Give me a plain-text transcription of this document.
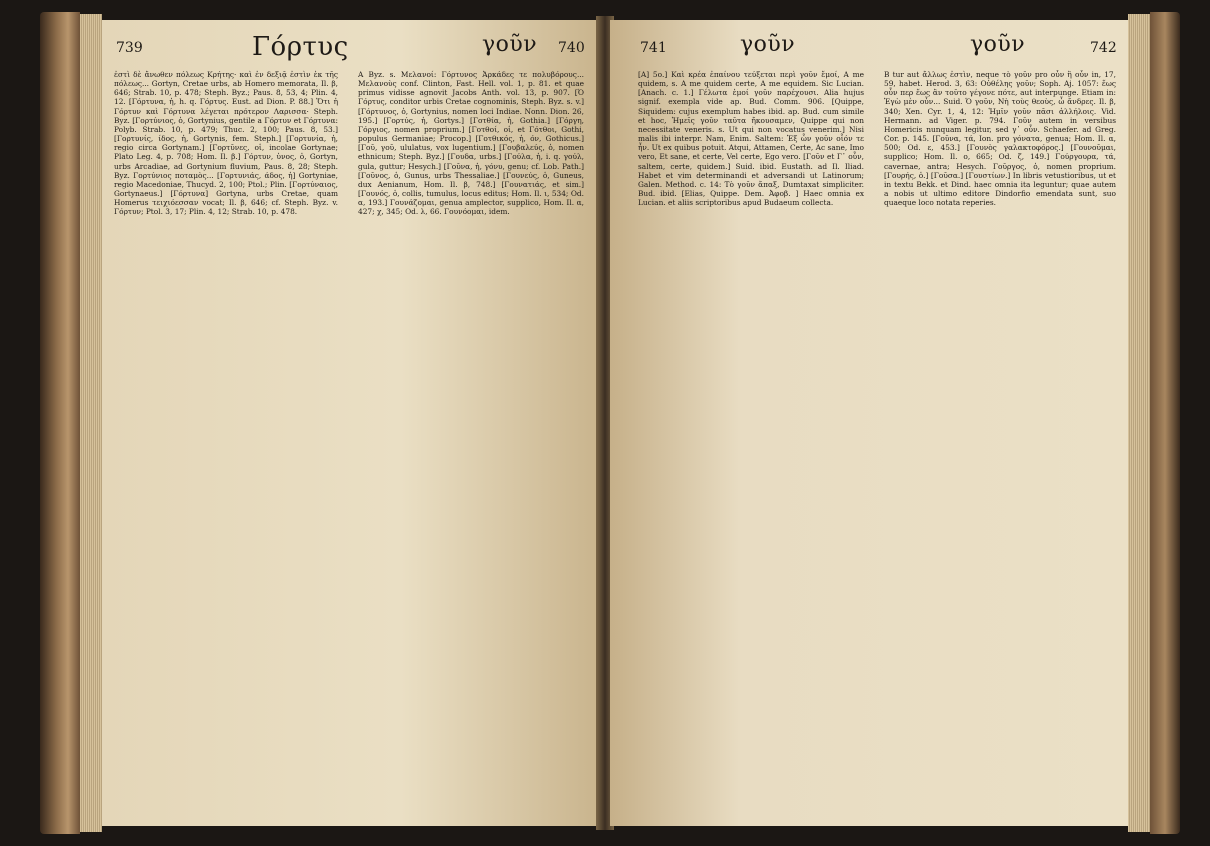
739	Γόρτυς	γοῦν 740

ἐστὶ δὲ ἄνωθεν πόλεως Κρήτης· καὶ ἐν δεξιᾷ ἐστὶν ἐκ τῆς πόλεως... Gortyn, Cretae urbs, ab Homero memorata, Il. β, 646; Strab. 10, p. 478; Steph. Byz.; Paus. 8, 53, 4; Plin. 4, 12. [Γόρτυνα, ἡ, h. q. Γόρτυς. Eust. ad Dion. P. 88.] Ὅτι ἡ Γόρτυν καὶ Γόρτυνα λέγεται πρότερον Λαρισσα· Steph. Byz. [Γορτύνιος, ὁ, Gortynius, gentile a Γόρτυν et Γόρτυνα: Polyb. Strab. 10, p. 479; Thuc. 2, 100; Paus. 8, 53.] [Γορτυνίς, ίδος, ἡ, Gortynis, fem. Steph.] [Γορτυνία, ἡ, regio circa Gortynam.] [Γορτῦνες, οἱ, incolae Gortynae; Plato Leg. 4, p. 708; Hom. Il. β.] Γόρτυν, ὑνος, ὁ, Gortyn, urbs Arcadiae, ad Gortynium fluvium, Paus. 8, 28; Steph. Byz. Γορτύνιος ποταμὸς... [Γορτυνιάς, άδος, ἡ] Gortyniae, regio Macedoniae, Thucyd. 2, 100; Ptol.; Plin. [Γορτύναιος, Gortynaeus.] [Γόρτυνα] Gortyna, urbs Cretae, quam Homerus τειχιόεσσαν vocat; Il. β, 646; cf. Steph. Byz. v. Γόρτυν; Ptol. 3, 17; Plin. 4, 12; Strab. 10, p. 478.

A Byz. s. Μελανοί: Γόρτυνος Ἀρκάδες τε πολυβόρους... Μελανοὺς conf. Clinton, Fast. Hell. vol. 1, p. 81. et quae primus vidisse agnovit Jacobs Anth. vol. 13, p. 907. [Ὁ Γόρτυς, conditor urbis Cretae cognominis, Steph. Byz. s. v.] [Γόρτυνος, ὁ, Gortynius, nomen loci Indiae. Nonn. Dion. 26, 195.] [Γορτύς, ἡ, Gortys.] [Γοτθία, ἡ, Gothia.] [Γόργη, Γόργιος, nomen proprium.] [Γοτθοί, οἱ, et Γότθοι, Gothi, populus Germaniae; Procop.] [Γοτθικός, ἡ, όν, Gothicus.] [Γοῦ, γοῦ, ululatus, vox lugentium.] [Γουβαλεύς, ὁ, nomen ethnicum; Steph. Byz.] [Γουδα, urbs.] [Γούλα, ἡ, i. q. γούλ, gula, guttur; Hesych.] [Γοῦνα, ἡ, γόνυ, genu; cf. Lob. Path.] [Γοῦνος, ὁ, Gunus, urbs Thessaliae.] [Γουνεύς, ὁ, Guneus, dux Aenianum, Hom. Il. β, 748.] [Γουνατιάς, et sim.] [Γουνός, ὁ, collis, tumulus, locus editus; Hom. Il. ι, 534; Od. α, 193.] Γουνάζομαι, genua amplector, supplico, Hom. Il. α, 427; χ, 345; Od. λ, 66. Γουνόομαι, idem.

741	γοῦν	γοῦν	742

[A] 5ο.] Καὶ κρέα ἐπαίνου τεύξεται περὶ γοῦν ἔμοί, A me quidem, s. A me quidem certe, A me equidem. Sic Lucian. [Anach. c. 1.] Γέλωτα ἐμοί γοῦν παρέχουσι. Alia hujus signif. exempla vide ap. Bud. Comm. 906. [Quippe, Siquidem: cujus exemplum habes ibid. ap. Bud. cum simile et hoc, Ἡμεῖς γοῦν ταῦτα ἤκουσαμεν, Quippe qui non necessitate veneris. s. Ut qui non vocatus venerim.] Nisi malis ibi interpr. Nam, Enim. Saltem: Ἐξ ὧν γοῦν οἷόν τε ἦν. Ut ex quibus potuit. Atqui, Attamen, Certe, Ac sane, Imo vero, Et sane, et certe, Vel certe, Ego vero. [Γοῦν et Γ᾽ οὖν, saltem, certe, quidem.] Suid. ibid. Eustath. ad Il. Iliad. Habet et vim determinandi et adversandi ut Latinorum; Galen. Method. c. 14: Τὸ γοῦν ἄπαξ, Dumtaxat simpliciter. Bud. ibid. [Elias, Quippe. Dem. Ἀφοβ. ] Haec omnia ex Lucian. et aliis scriptoribus apud Budaeum collecta.

B tur aut ἄλλως ἐστὶν, neque τὸ γοῦν pro οὖν ἢ οὖν in, 17, 59, habet. Herod. 3, 63: Οὐθέλης γοῦν; Soph. Aj. 1057: ἕως οὖν περ ἕως ἂν τοῦτο γέγονε πότε, aut interpunge. Etiam in: Ἐγὼ μὲν οὖν... Suid. Ὁ γοῦν, Νὴ τοὺς θεοὺς, ὦ ἄνδρες. Il. β, 340; Xen. Cyr. 1, 4, 12: Ἡμῖν γοῦν πᾶσι ἀλλήλοις. Vid. Hermann. ad Viger. p. 794. Γοῦν autem in versibus Homericis nunquam legitur, sed γ᾽ οὖν. Schaefer. ad Greg. Cor. p. 145. [Γοῦνα, τά, Ion. pro γόνατα, genua; Hom. Il. α, 500; Od. ε, 453.] [Γουνὸς γαλακτοφόρος.] [Γουνοῦμαι, supplico; Hom. Il. ο, 665; Od. ζ, 149.] Γούργουρα, τά, cavernae, antra; Hesych. Γοῦργος, ὁ, nomen proprium. [Γουρής, ὁ.] [Γοῦσα.] [Γουστίων.] In libris vetustioribus, ut et in textu Bekk. et Dind. haec omnia ita leguntur; quae autem a nobis ut ultimo editore Dindorfio emendata sunt, suo quaeque loco notata reperies.
